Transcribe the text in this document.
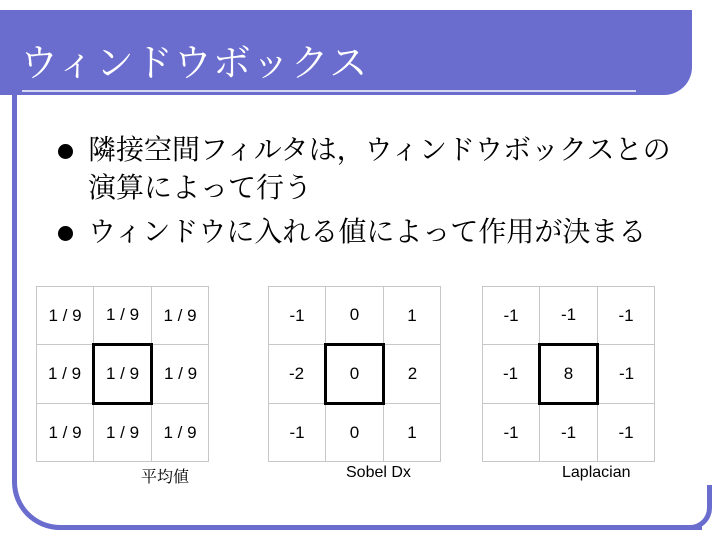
ウィンドウボックス
隣接空間フィルタは，ウィンドウボックスとの
演算によって行う
ウィンドウに入れる値によって作用が決まる
1 / 9	1 / 9	1 / 9
1 / 9	1 / 9	1 / 9
1 / 9	1 / 9	1 / 9
平均値
-1	0	1
-2	0	2
-1	0	1
Sobel Dx
-1	-1	-1
-1	8	-1
-1	-1	-1
Laplacian
